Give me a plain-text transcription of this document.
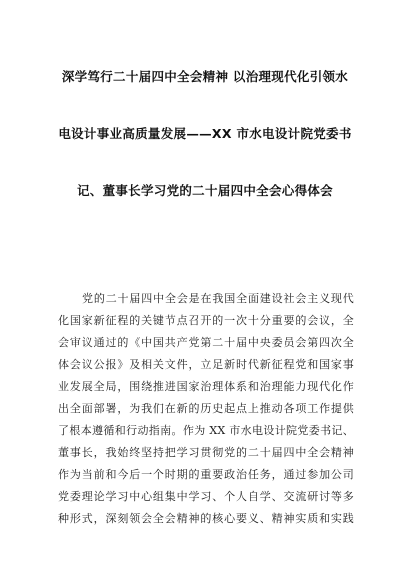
深学笃行二十届四中全会精神 以治理现代化引领水
电设计事业高质量发展——XX 市水电设计院党委书
记、董事长学习党的二十届四中全会心得体会
党的二十届四中全会是在我国全面建设社会主义现代
化国家新征程的关键节点召开的一次十分重要的会议，全
会审议通过的《中国共产党第二十届中央委员会第四次全
体会议公报》及相关文件，立足新时代新征程党和国家事
业发展全局，围绕推进国家治理体系和治理能力现代化作
出全面部署，为我们在新的历史起点上推动各项工作提供
了根本遵循和行动指南。作为 XX 市水电设计院党委书记、
董事长，我始终坚持把学习贯彻党的二十届四中全会精神
作为当前和今后一个时期的重要政治任务，通过参加公司
党委理论学习中心组集中学习、个人自学、交流研讨等多
种形式，深刻领会全会精神的核心要义、精神实质和实践
